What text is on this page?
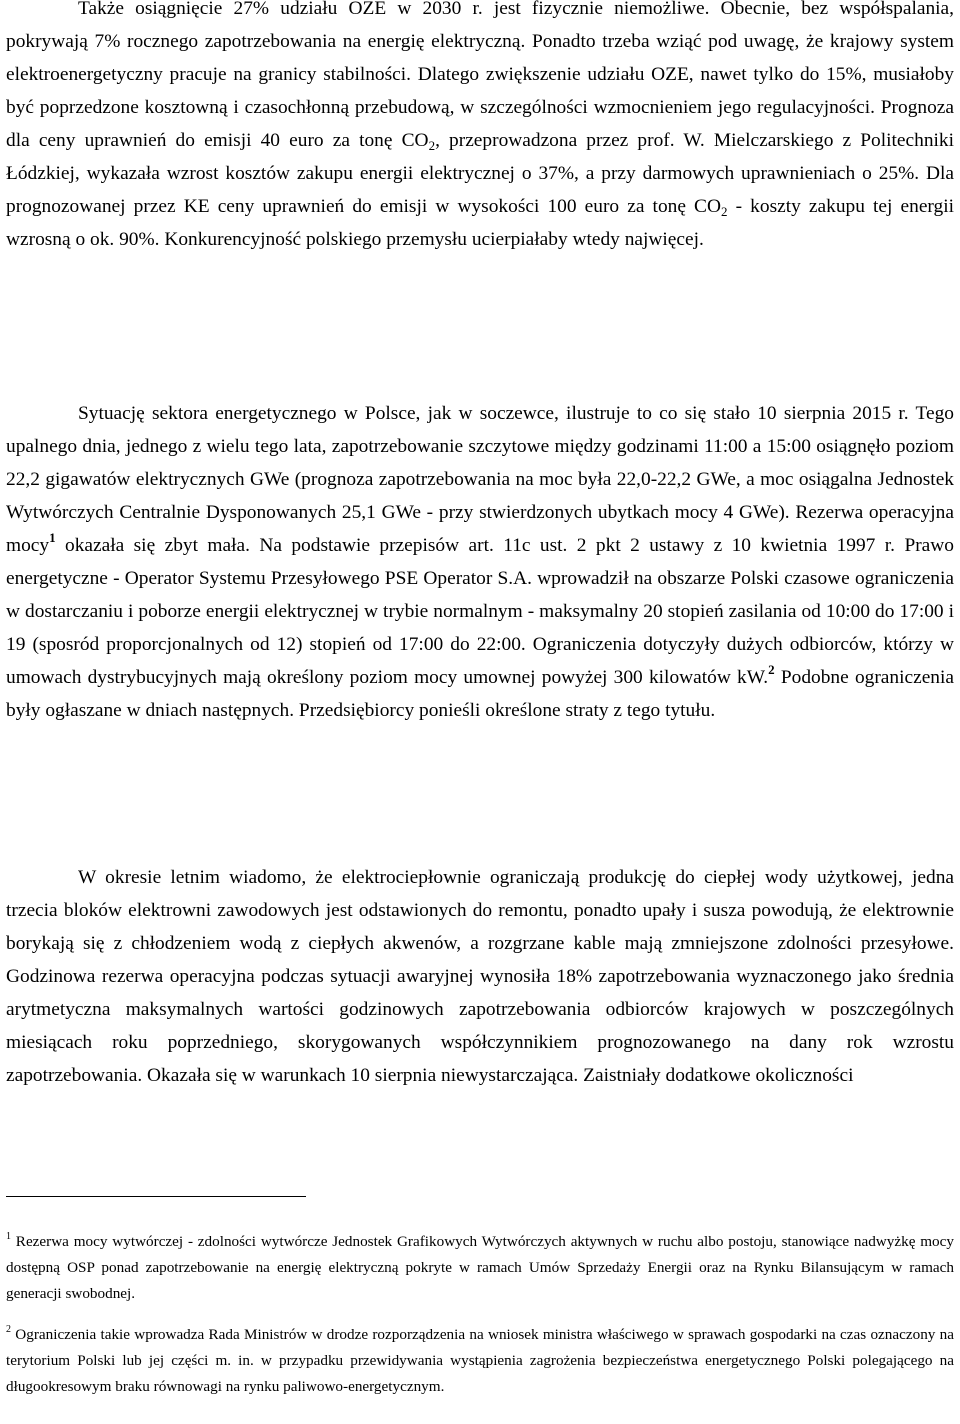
Także osiągnięcie 27% udziału OZE w 2030 r. jest fizycznie niemożliwe. Obecnie, bez współspalania, pokrywają 7% rocznego zapotrzebowania na energię elektryczną. Ponadto trzeba wziąć pod uwagę, że krajowy system elektroenergetyczny pracuje na granicy stabilności. Dlatego zwiększenie udziału OZE, nawet tylko do 15%, musiałoby być poprzedzone kosztowną i czasochłonną przebudową, w szczególności wzmocnieniem jego regulacyjności. Prognoza dla ceny uprawnień do emisji 40 euro za tonę $CO_2$, przeprowadzona przez prof. W. Mielczarskiego z Politechniki Łódzkiej, wykazała wzrost kosztów zakupu energii elektrycznej o 37%, a przy darmowych uprawnieniach o 25%. Dla prognozowanej przez KE ceny uprawnień do emisji w wysokości 100 euro za tonę $CO_2$ - koszty zakupu tej energii wzrosną o ok. 90%. Konkurencyjność polskiego przemysłu ucierpiałaby wtedy najwięcej.

Sytuację sektora energetycznego w Polsce, jak w soczewce, ilustruje to co się stało 10 sierpnia 2015 r. Tego upalnego dnia, jednego z wielu tego lata, zapotrzebowanie szczytowe między godzinami 11:00 a 15:00 osiągnęło poziom 22,2 gigawatów elektrycznych GWe (prognoza zapotrzebowania na moc była 22,0-22,2 GWe, a moc osiągalna Jednostek Wytwórczych Centralnie Dysponowanych 25,1 GWe - przy stwierdzonych ubytkach mocy 4 GWe). Rezerwa operacyjna mocy$^1$ okazała się zbyt mała. Na podstawie przepisów art. 11c ust. 2 pkt 2 ustawy z 10 kwietnia 1997 r. Prawo energetyczne - Operator Systemu Przesyłowego PSE Operator S.A. wprowadził na obszarze Polski czasowe ograniczenia w dostarczaniu i poborze energii elektrycznej w trybie normalnym - maksymalny 20 stopień zasilania od 10:00 do 17:00 i 19 (sposród proporcjonalnych od 12) stopień od 17:00 do 22:00. Ograniczenia dotyczyły dużych odbiorców, którzy w umowach dystrybucyjnych mają określony poziom mocy umownej powyżej 300 kilowatów kW.$^2$ Podobne ograniczenia były ogłaszane w dniach następnych. Przedsiębiorcy ponieśli określone straty z tego tytułu.

W okresie letnim wiadomo, że elektrociepłownie ograniczają produkcję do ciepłej wody użytkowej, jedna trzecia bloków elektrowni zawodowych jest odstawionych do remontu, ponadto upały i susza powodują, że elektrownie borykają się z chłodzeniem wodą z ciepłych akwenów, a rozgrzane kable mają zmniejszone zdolności przesyłowe. Godzinowa rezerwa operacyjna podczas sytuacji awaryjnej wynosiła 18% zapotrzebowania wyznaczonego jako średnia arytmetyczna maksymalnych wartości godzinowych zapotrzebowania odbiorców krajowych w poszczególnych miesiącach roku poprzedniego, skorygowanych współczynnikiem prognozowanego na dany rok wzrostu zapotrzebowania. Okazała się w warunkach 10 sierpnia niewystarczająca. Zaistniały dodatkowe okoliczności

$^1$ Rezerwa mocy wytwórczej - zdolności wytwórcze Jednostek Grafikowych Wytwórczych aktywnych w ruchu albo postoju, stanowiące nadwyżkę mocy dostępną OSP ponad zapotrzebowanie na energię elektryczną pokryte w ramach Umów Sprzedaży Energii oraz na Rynku Bilansującym w ramach generacji swobodnej.
$^2$ Ograniczenia takie wprowadza Rada Ministrów w drodze rozporządzenia na wniosek ministra właściwego w sprawach gospodarki na czas oznaczony na terytorium Polski lub jej części m. in. w przypadku przewidywania wystąpienia zagrożenia bezpieczeństwa energetycznego Polski polegającego na długookresowym braku równowagi na rynku paliwowo-energetycznym.
